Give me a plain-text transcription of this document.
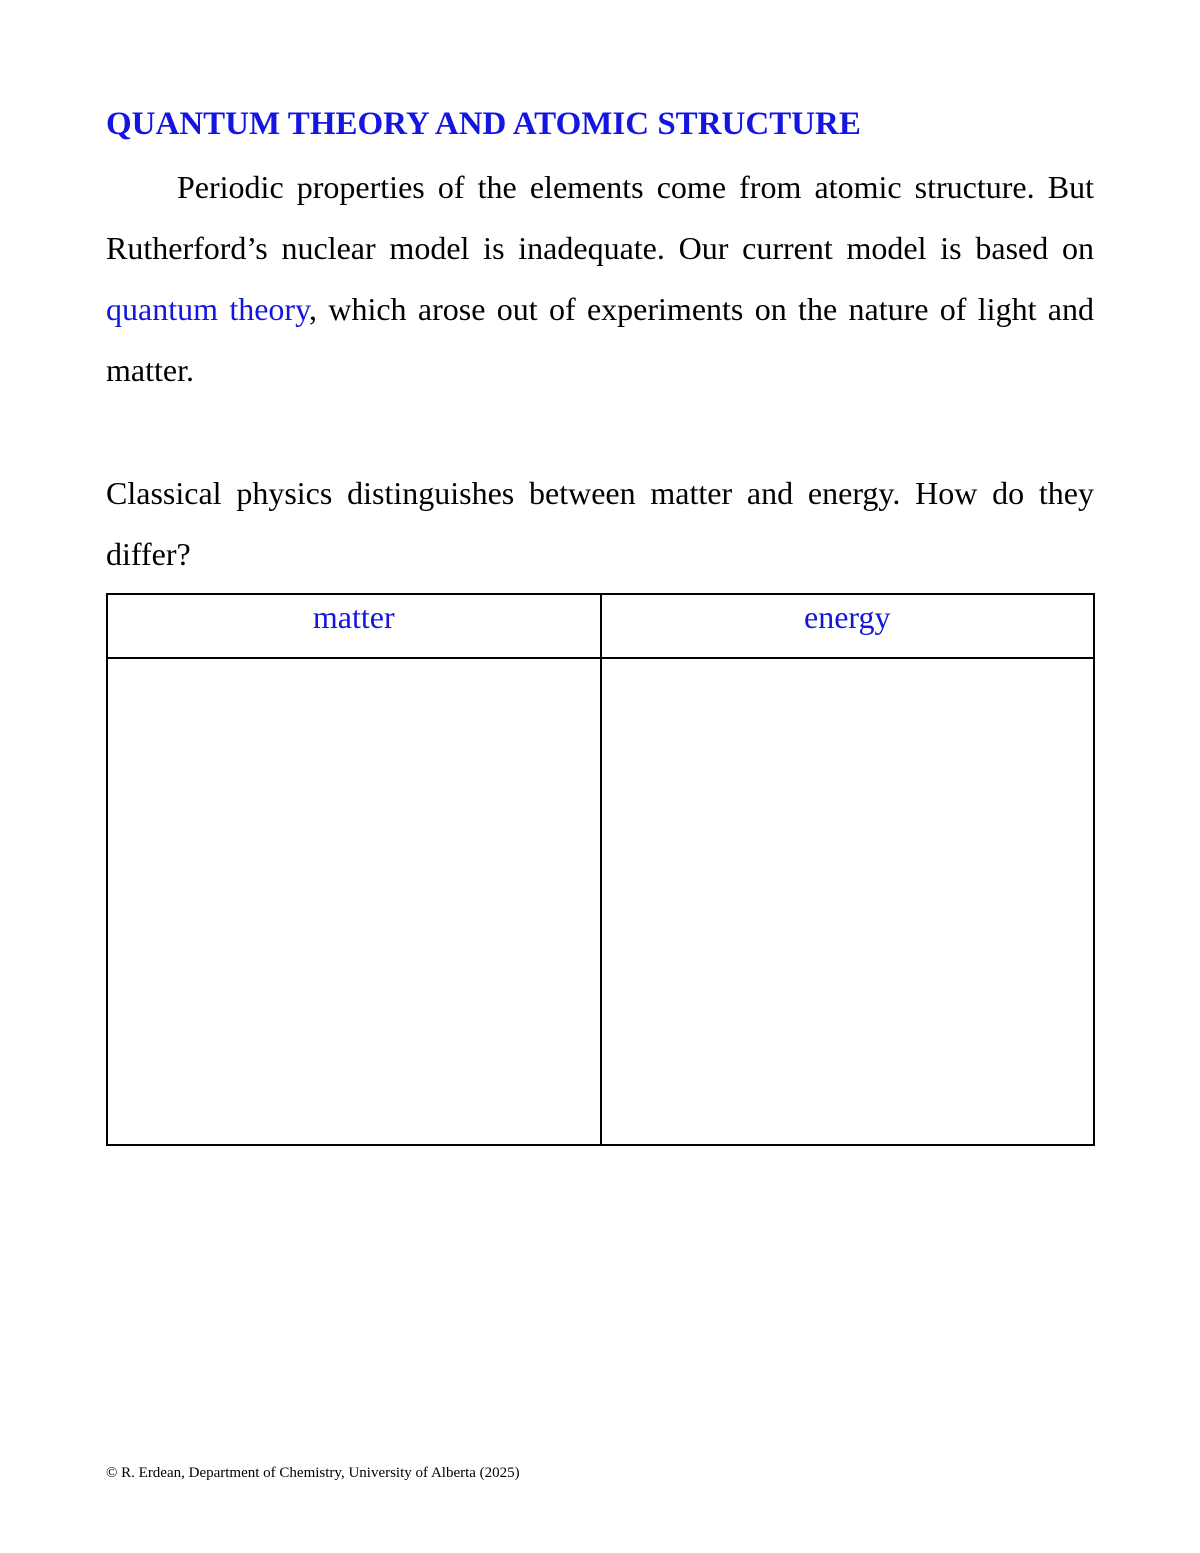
QUANTUM THEORY AND ATOMIC STRUCTURE

Periodic properties of the elements come from atomic structure. But Rutherford’s nuclear model is inadequate. Our current model is based on quantum theory, which arose out of experiments on the nature of light and matter.

Classical physics distinguishes between matter and energy. How do they differ?

matter	energy

© R. Erdean, Department of Chemistry, University of Alberta (2025)
